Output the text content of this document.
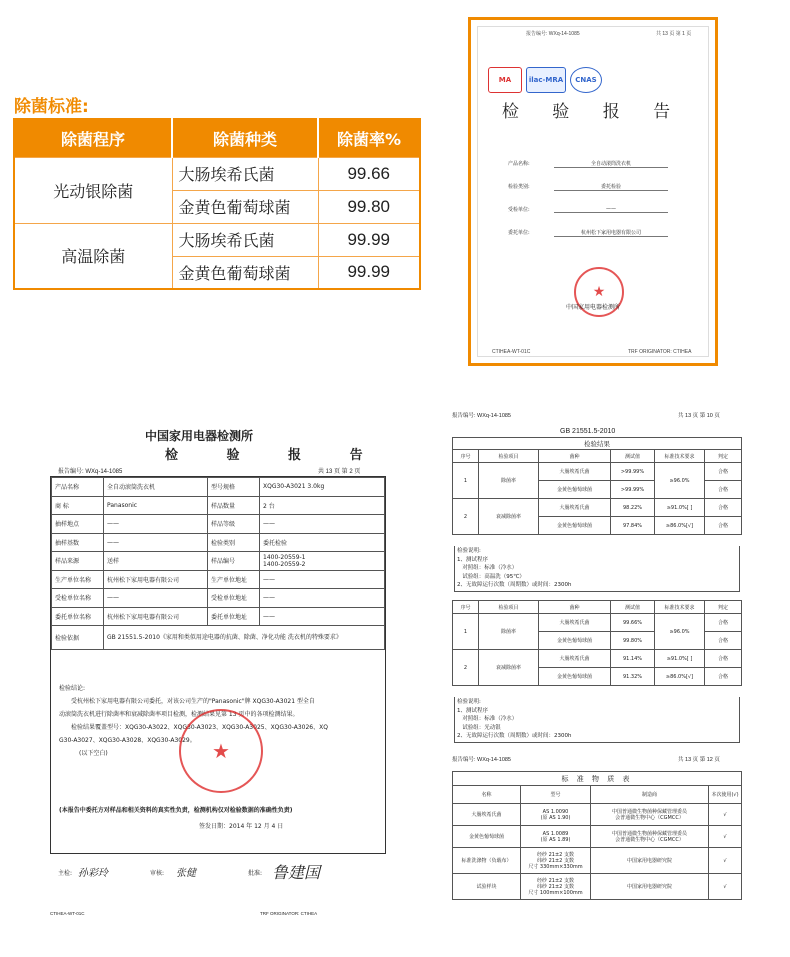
除菌标准:
除菌程序	除菌种类	除菌率%
光动银除菌	大肠埃希氏菌	99.66
	金黄色葡萄球菌	99.80
高温除菌	大肠埃希氏菌	99.99
	金黄色葡萄球菌	99.99
报告编号: WXq-14-1085	共 13 页 第 1 页
MA	ilac-MRA	CNAS
检 验 报 告
产品名称:	全自动滚筒洗衣机
检验类别:	委托检验
受检单位:	——
委托单位:	杭州松下家用电器有限公司
★
中国家用电器检测所
CTIHEA-WT-01C	TRF ORIGINATOR: CTIHEA
中国家用电器检测所
检 验 报 告
报告编号: WXq-14-1085	共 13 页 第 2 页
产品名称	全自动滚筒洗衣机	型号规格	XQG30-A3021 3.0kg
商 标	Panasonic	样品数量	2 台
抽样地点	——	样品等级	——
抽样基数	——	检验类别	委托检验
样品来源	送样	样品编号	1400-20559-1
1400-20559-2
生产单位名称	杭州松下家用电器有限公司	生产单位地址	——
受检单位名称	——	受检单位地址	——
委托单位名称	杭州松下家用电器有限公司	委托单位地址	——
检验依据	GB 21551.5-2010《家用和类似用途电器的抗菌、除菌、净化功能 洗衣机的特殊要求》		
检验结论:
受杭州松下家用电器有限公司委托，对该公司生产的"Panasonic"牌 XQG30-A3021 型全自
动滚筒洗衣机进行除菌率和衰减除菌率项目检测，检测结果见第 13 页中的各项检测结果。
检验结果覆盖型号：XQG30-A3022、XQG30-A3023、XQG30-A3025、XQG30-A3026、XQ
G30-A3027、XQG30-A3028、XQG30-A3029。
(以下空白)	★
(本报告中委托方对样品和相关资料的真实性负责，检测机构仅对检验数据的准确性负责)
签发日期：2014 年 12 月 4 日
主检: 孙彩玲	审核: 张健	批准: 鲁建国
CTIHEA-WT-01C	TRF ORIGINATOR: CTIHEA
报告编号: WXq-14-1085	共 13 页 第 10 页
GB 21551.5-2010
检验结果
序号	检验项目	菌种	测试值	标准技术要求	判定
1	除菌率	大肠埃希氏菌	>99.99%	≥96.0%	合格
		金黄色葡萄球菌	>99.99%		合格
2	衰减除菌率	大肠埃希氏菌	98.22%	≥91.0%[ ]	合格
		金黄色葡萄球菌	97.84%	≥86.0%[√]	合格
检验说明:
1、测试程序
对照组：标准（冷水）
试验组：高温洗（95℃）
2、无故障运行次数（周期数）或时间：2300h
序号	检验项目	菌种	测试值	标准技术要求	判定
1	除菌率	大肠埃希氏菌	99.66%	≥96.0%	合格
		金黄色葡萄球菌	99.80%		合格
2	衰减除菌率	大肠埃希氏菌	91.14%	≥91.0%[ ]	合格
		金黄色葡萄球菌	91.32%	≥86.0%[√]	合格
检验说明:
1、测试程序
对照组：标准（冷水）
试验组：光动银
2、无故障运行次数（周期数）或时间：2300h
报告编号: WXq-14-1085	共 13 页 第 12 页
标 准 物 质 表
名称	型号	制造商	本次使用(√)
大肠埃希氏菌	AS 1.0090
(原 AS 1.90)	中国普通微生物菌种保藏管理委员
会普通微生物中心（CGMCC）	√
金黄色葡萄球菌	AS 1.0089
(原 AS 1.89)	中国普通微生物菌种保藏管理委员
会普通微生物中心（CGMCC）	√
标准洗涤物（负载布）	经纱 21±2 支数
纬纱 21±2 支数
尺寸 330mm×330mm	中国家用电器研究院	√
试验样块	经纱 21±2 支数
纬纱 21±2 支数
尺寸 100mm×100mm	中国家用电器研究院	√
